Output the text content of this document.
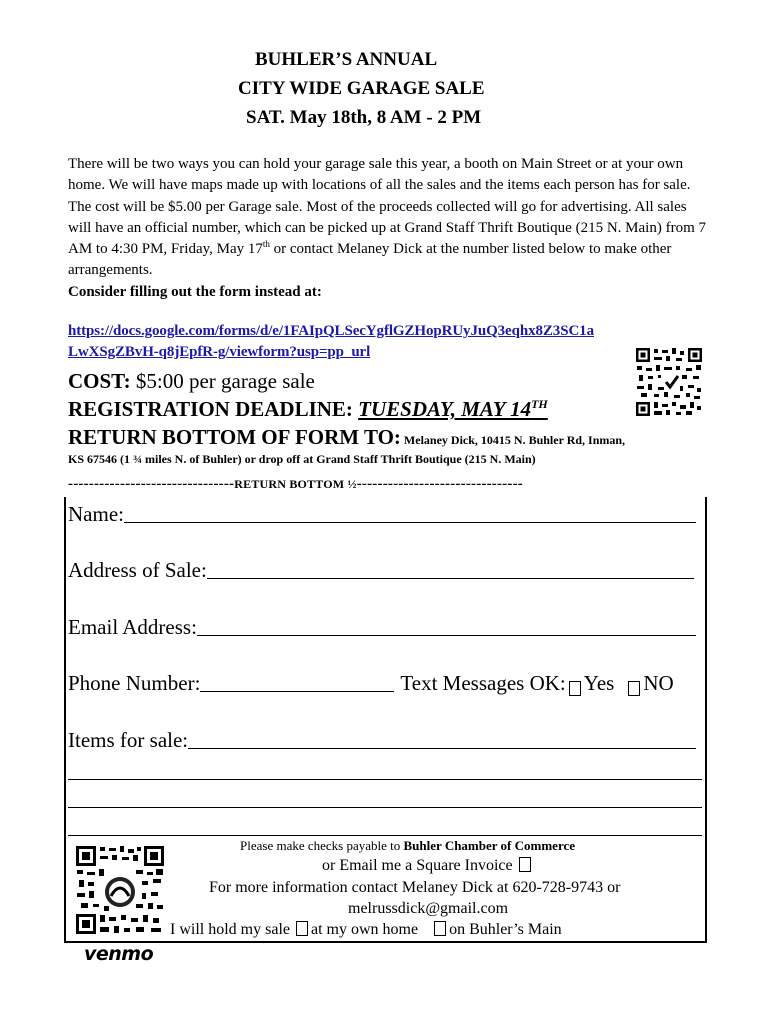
BUHLER’S ANNUAL
CITY WIDE GARAGE SALE
SAT. May 18th, 8 AM - 2 PM
There will be two ways you can hold your garage sale this year, a booth on Main Street or at your own home. We will have maps made up with locations of all the sales and the items each person has for sale. The cost will be $5.00 per Garage sale. Most of the proceeds collected will go for advertising. All sales will have an official number, which can be picked up at Grand Staff Thrift Boutique (215 N. Main) from 7 AM to 4:30 PM, Friday, May 17th or contact Melaney Dick at the number listed below to make other arrangements.
Consider filling out the form instead at:
https://docs.google.com/forms/d/e/1FAIpQLSecYgflGZHopRUyJuQ3eqhx8Z3SC1a
LwXSgZBvH-q8jEpfR-g/viewform?usp=pp_url
COST: $5:00 per garage sale
REGISTRATION DEADLINE: TUESDAY, MAY 14TH
RETURN BOTTOM OF FORM TO: Melaney Dick, 10415 N. Buhler Rd, Inman,
KS 67546 (1 ¾ miles N. of Buhler) or drop off at Grand Staff Thrift Boutique (215 N. Main)
--------------------------------RETURN BOTTOM ½--------------------------------
Name:
Address of Sale:
Email Address:
Phone Number:	Text Messages OK: Yes NO
Items for sale:
Please make checks payable to Buhler Chamber of Commerce
or Email me a Square Invoice
For more information contact Melaney Dick at 620-728-9743 or
melrussdick@gmail.com
I will hold my sale at my own home on Buhler’s Main
venmo
